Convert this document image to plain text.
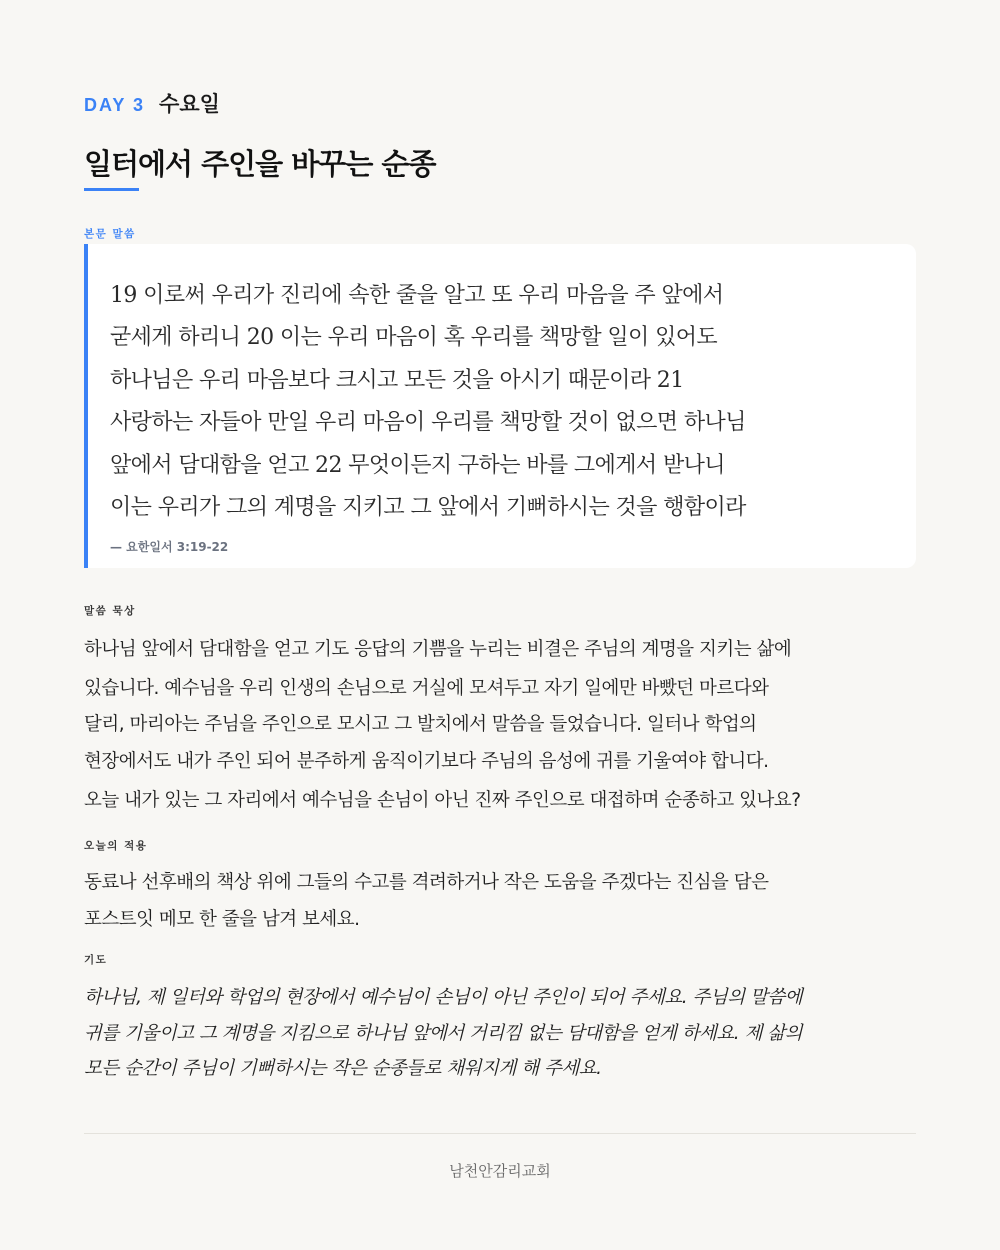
DAY 3 수요일
일터에서 주인을 바꾸는 순종
본문 말씀
19 이로써 우리가 진리에 속한 줄을 알고 또 우리 마음을 주 앞에서
굳세게 하리니 20 이는 우리 마음이 혹 우리를 책망할 일이 있어도
하나님은 우리 마음보다 크시고 모든 것을 아시기 때문이라 21
사랑하는 자들아 만일 우리 마음이 우리를 책망할 것이 없으면 하나님
앞에서 담대함을 얻고 22 무엇이든지 구하는 바를 그에게서 받나니
이는 우리가 그의 계명을 지키고 그 앞에서 기뻐하시는 것을 행함이라
— 요한일서 3:19-22
말씀 묵상
하나님 앞에서 담대함을 얻고 기도 응답의 기쁨을 누리는 비결은 주님의 계명을 지키는 삶에
있습니다. 예수님을 우리 인생의 손님으로 거실에 모셔두고 자기 일에만 바빴던 마르다와
달리, 마리아는 주님을 주인으로 모시고 그 발치에서 말씀을 들었습니다. 일터나 학업의
현장에서도 내가 주인 되어 분주하게 움직이기보다 주님의 음성에 귀를 기울여야 합니다.
오늘 내가 있는 그 자리에서 예수님을 손님이 아닌 진짜 주인으로 대접하며 순종하고 있나요?
오늘의 적용
동료나 선후배의 책상 위에 그들의 수고를 격려하거나 작은 도움을 주겠다는 진심을 담은
포스트잇 메모 한 줄을 남겨 보세요.
기도
하나님, 제 일터와 학업의 현장에서 예수님이 손님이 아닌 주인이 되어 주세요. 주님의 말씀에
귀를 기울이고 그 계명을 지킴으로 하나님 앞에서 거리낌 없는 담대함을 얻게 하세요. 제 삶의
모든 순간이 주님이 기뻐하시는 작은 순종들로 채워지게 해 주세요.
남천안감리교회
